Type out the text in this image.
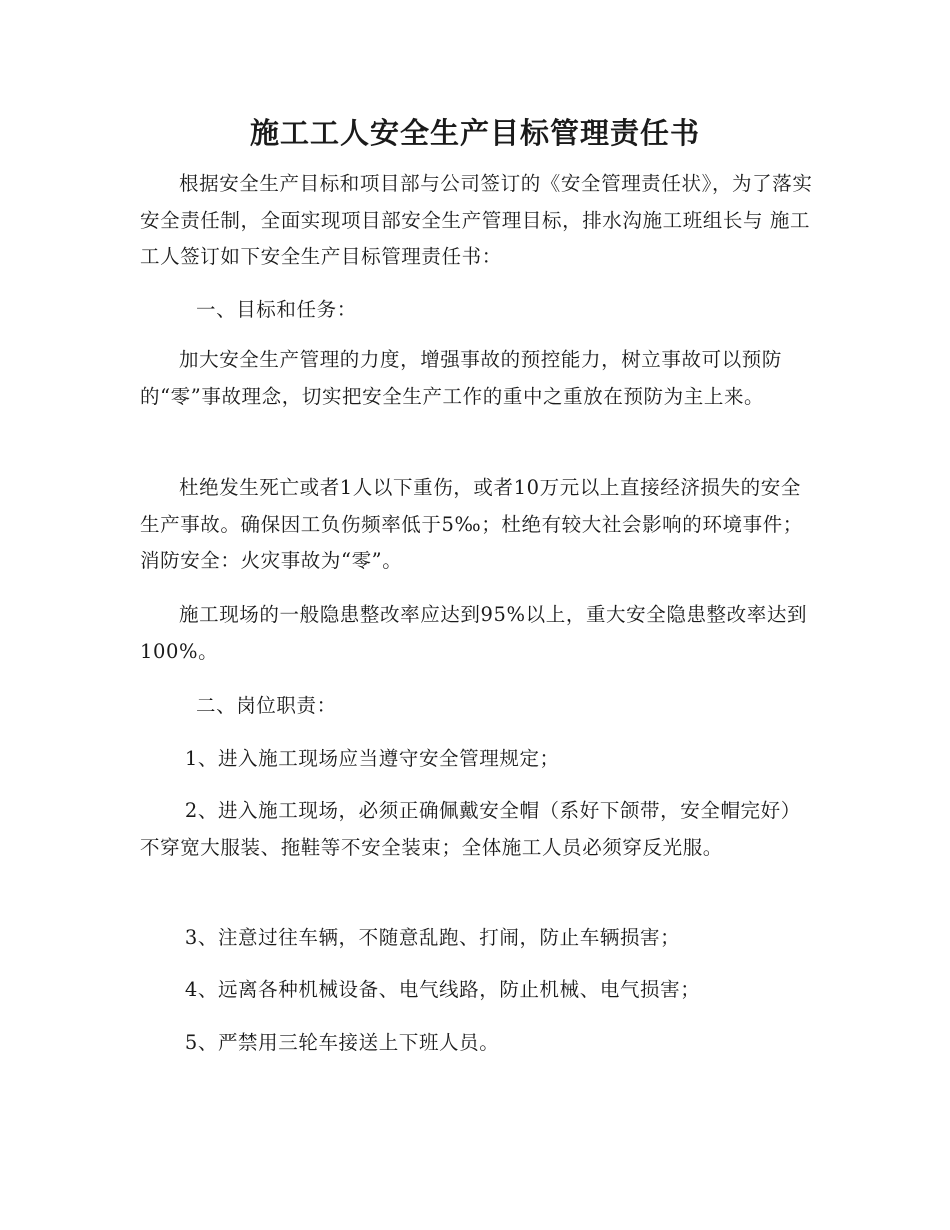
施工工人安全生产目标管理责任书

根据安全生产目标和项目部与公司签订的《安全管理责任状》，为了落实安全责任制，全面实现项目部安全生产管理目标，排水沟施工班组长与 施工工人签订如下安全生产目标管理责任书：

一、目标和任务：

加大安全生产管理的力度，增强事故的预控能力，树立事故可以预防的“零”事故理念，切实把安全生产工作的重中之重放在预防为主上来。

杜绝发生死亡或者1人以下重伤，或者10万元以上直接经济损失的安全生产事故。确保因工负伤频率低于5‰；杜绝有较大社会影响的环境事件；消防安全：火灾事故为“零”。

施工现场的一般隐患整改率应达到95%以上，重大安全隐患整改率达到100%。

二、岗位职责：

1、进入施工现场应当遵守安全管理规定；

2、进入施工现场，必须正确佩戴安全帽（系好下颌带，安全帽完好）不穿宽大服装、拖鞋等不安全装束；全体施工人员必须穿反光服。

3、注意过往车辆，不随意乱跑、打闹，防止车辆损害；

4、远离各种机械设备、电气线路，防止机械、电气损害；

5、严禁用三轮车接送上下班人员。
